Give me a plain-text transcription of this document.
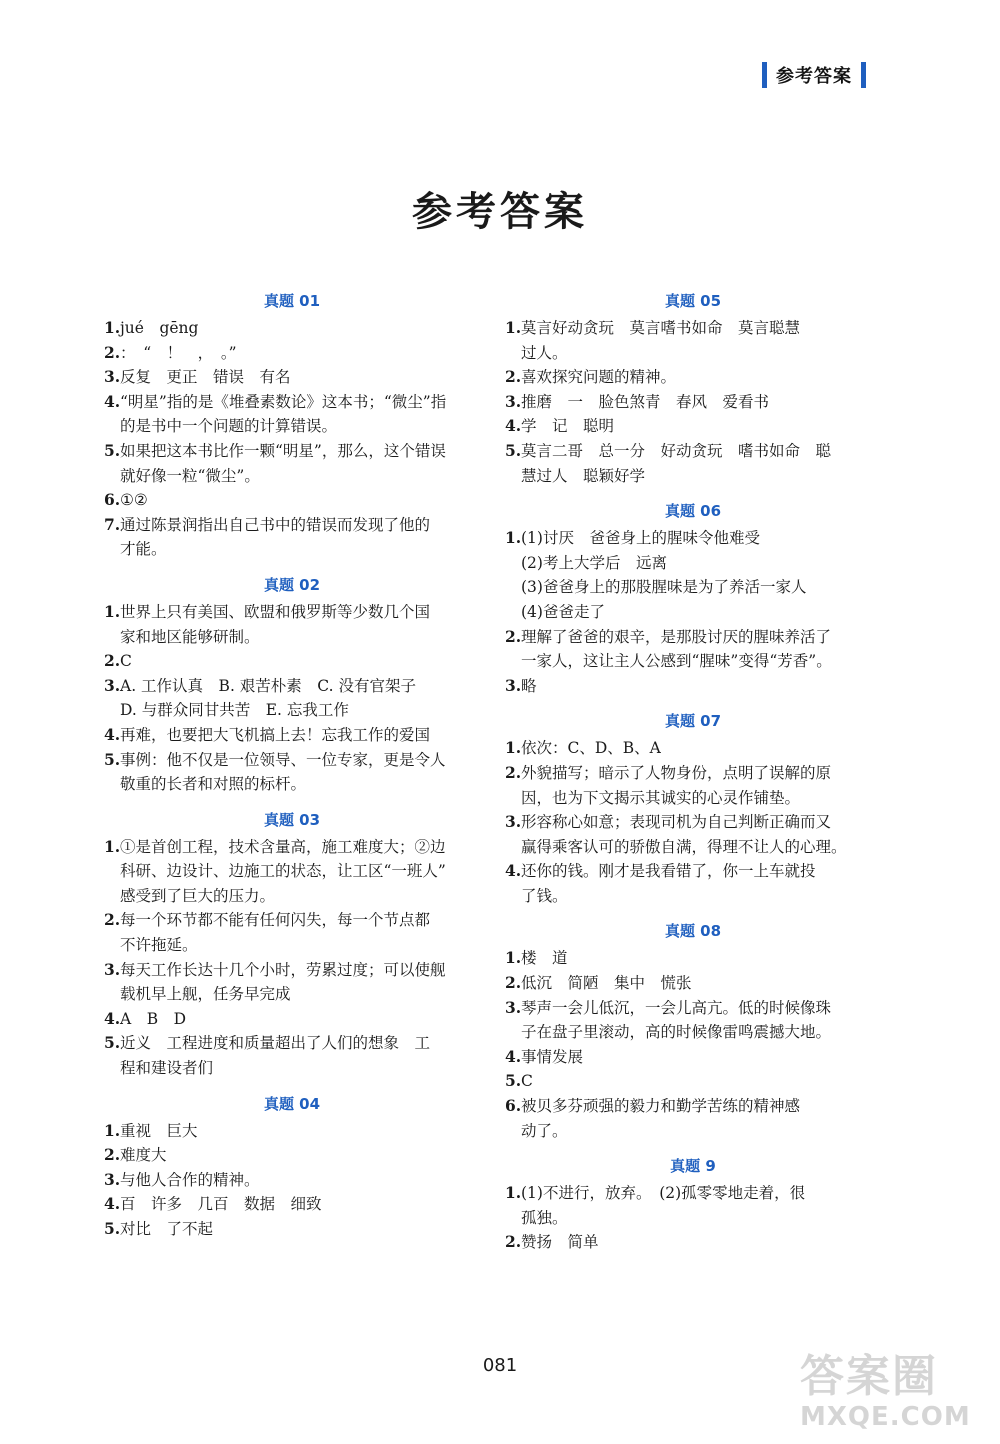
参考答案
参考答案
真题 01
1.jué　gēng
2.：　“　！　，　。”
3.反复　更正　错误　有名
4.“明星”指的是《堆叠素数论》这本书；“微尘”指
的是书中一个问题的计算错误。
5.如果把这本书比作一颗“明星”，那么，这个错误
就好像一粒“微尘”。
6.①②
7.通过陈景润指出自己书中的错误而发现了他的
才能。
真题 02
1.世界上只有美国、欧盟和俄罗斯等少数几个国
家和地区能够研制。
2.C
3.A. 工作认真　B. 艰苦朴素　C. 没有官架子
D. 与群众同甘共苦　E. 忘我工作
4.再难，也要把大飞机搞上去！忘我工作的爱国
5.事例：他不仅是一位领导、一位专家，更是令人
敬重的长者和对照的标杆。
真题 03
1.①是首创工程，技术含量高，施工难度大；②边
科研、边设计、边施工的状态，让工区“一班人”
感受到了巨大的压力。
2.每一个环节都不能有任何闪失，每一个节点都
不许拖延。
3.每天工作长达十几个小时，劳累过度；可以使舰
载机早上舰，任务早完成
4.A　B　D
5.近义　工程进度和质量超出了人们的想象　工
程和建设者们
真题 04
1.重视　巨大
2.难度大
3.与他人合作的精神。
4.百　许多　几百　数据　细致
5.对比　了不起
真题 05
1.莫言好动贪玩　莫言嗜书如命　莫言聪慧
过人。
2.喜欢探究问题的精神。
3.推磨　一　脸色煞青　春风　爱看书
4.学　记　聪明
5.莫言二哥　总一分　好动贪玩　嗜书如命　聪
慧过人　聪颖好学
真题 06
1.(1)讨厌　爸爸身上的腥味令他难受
(2)考上大学后　远离
(3)爸爸身上的那股腥味是为了养活一家人
(4)爸爸走了
2.理解了爸爸的艰辛，是那股讨厌的腥味养活了
一家人，这让主人公感到“腥味”变得“芳香”。
3.略
真题 07
1.依次：C、D、B、A
2.外貌描写；暗示了人物身份，点明了误解的原
因，也为下文揭示其诚实的心灵作铺垫。
3.形容称心如意；表现司机为自己判断正确而又
赢得乘客认可的骄傲自满，得理不让人的心理。
4.还你的钱。刚才是我看错了，你一上车就投
了钱。
真题 08
1.楼　道
2.低沉　简陋　集中　慌张
3.琴声一会儿低沉，一会儿高亢。低的时候像珠
子在盘子里滚动，高的时候像雷鸣震撼大地。
4.事情发展
5.C
6.被贝多芬顽强的毅力和勤学苦练的精神感
动了。
真题 9
1.(1)不进行，放弃。　(2)孤零零地走着，很
孤独。
2.赞扬　简单
081	答案圈
MXQE.COM
